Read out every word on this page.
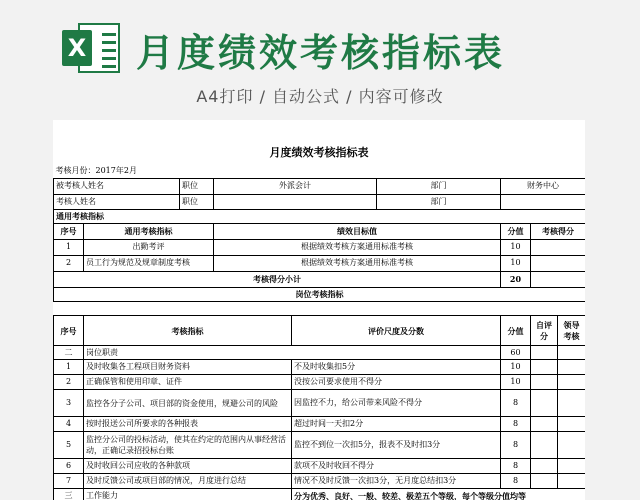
X 月度绩效考核指标表
A4打印 / 自动公式 / 内容可修改
月度绩效考核指标表
考核月份：2017年2月						
被考核人姓名		职位	外派会计	部门	财务中心	
考核人姓名		职位		部门		
通用考核指标						
序号	通用考核指标		绩效目标值		分值	考核得分
1	出勤考评		根据绩效考核方案通用标准考核		10	
2	员工行为规范及规章制度考核		根据绩效考核方案通用标准考核		10	
考核得分小计					20	
岗位考核指标						
序号	考核指标	评价尺度及分数	分值	自评分	领导考核
二	岗位职责		60		
1	及时收集各工程项目财务资料	不及时收集扣5分	10		
2	正确保管和使用印章、证件	没按公司要求使用不得分	10		
3	监控各分子公司、项目部的资金使用，规避公司的风险	因监控不力，给公司带来风险不得分	8		
4	按时报送公司所要求的各种报表	超过时间一天扣2分	8		
5	监控分公司的投标活动，使其在约定的范围内从事经营活动，正确记录招投标台账	监控不到位一次扣5分，报表不及时扣3分	8		
6	及时收回公司应收的各种款项	款项不及时收回不得分	8		
7	及时反馈公司或项目部的情况，月度进行总结	情况不及时反馈一次扣3分，无月度总结扣3分	8		
三	工作能力	分为优秀、良好、一般、较差、极差五个等级，每个等级分值均等			
